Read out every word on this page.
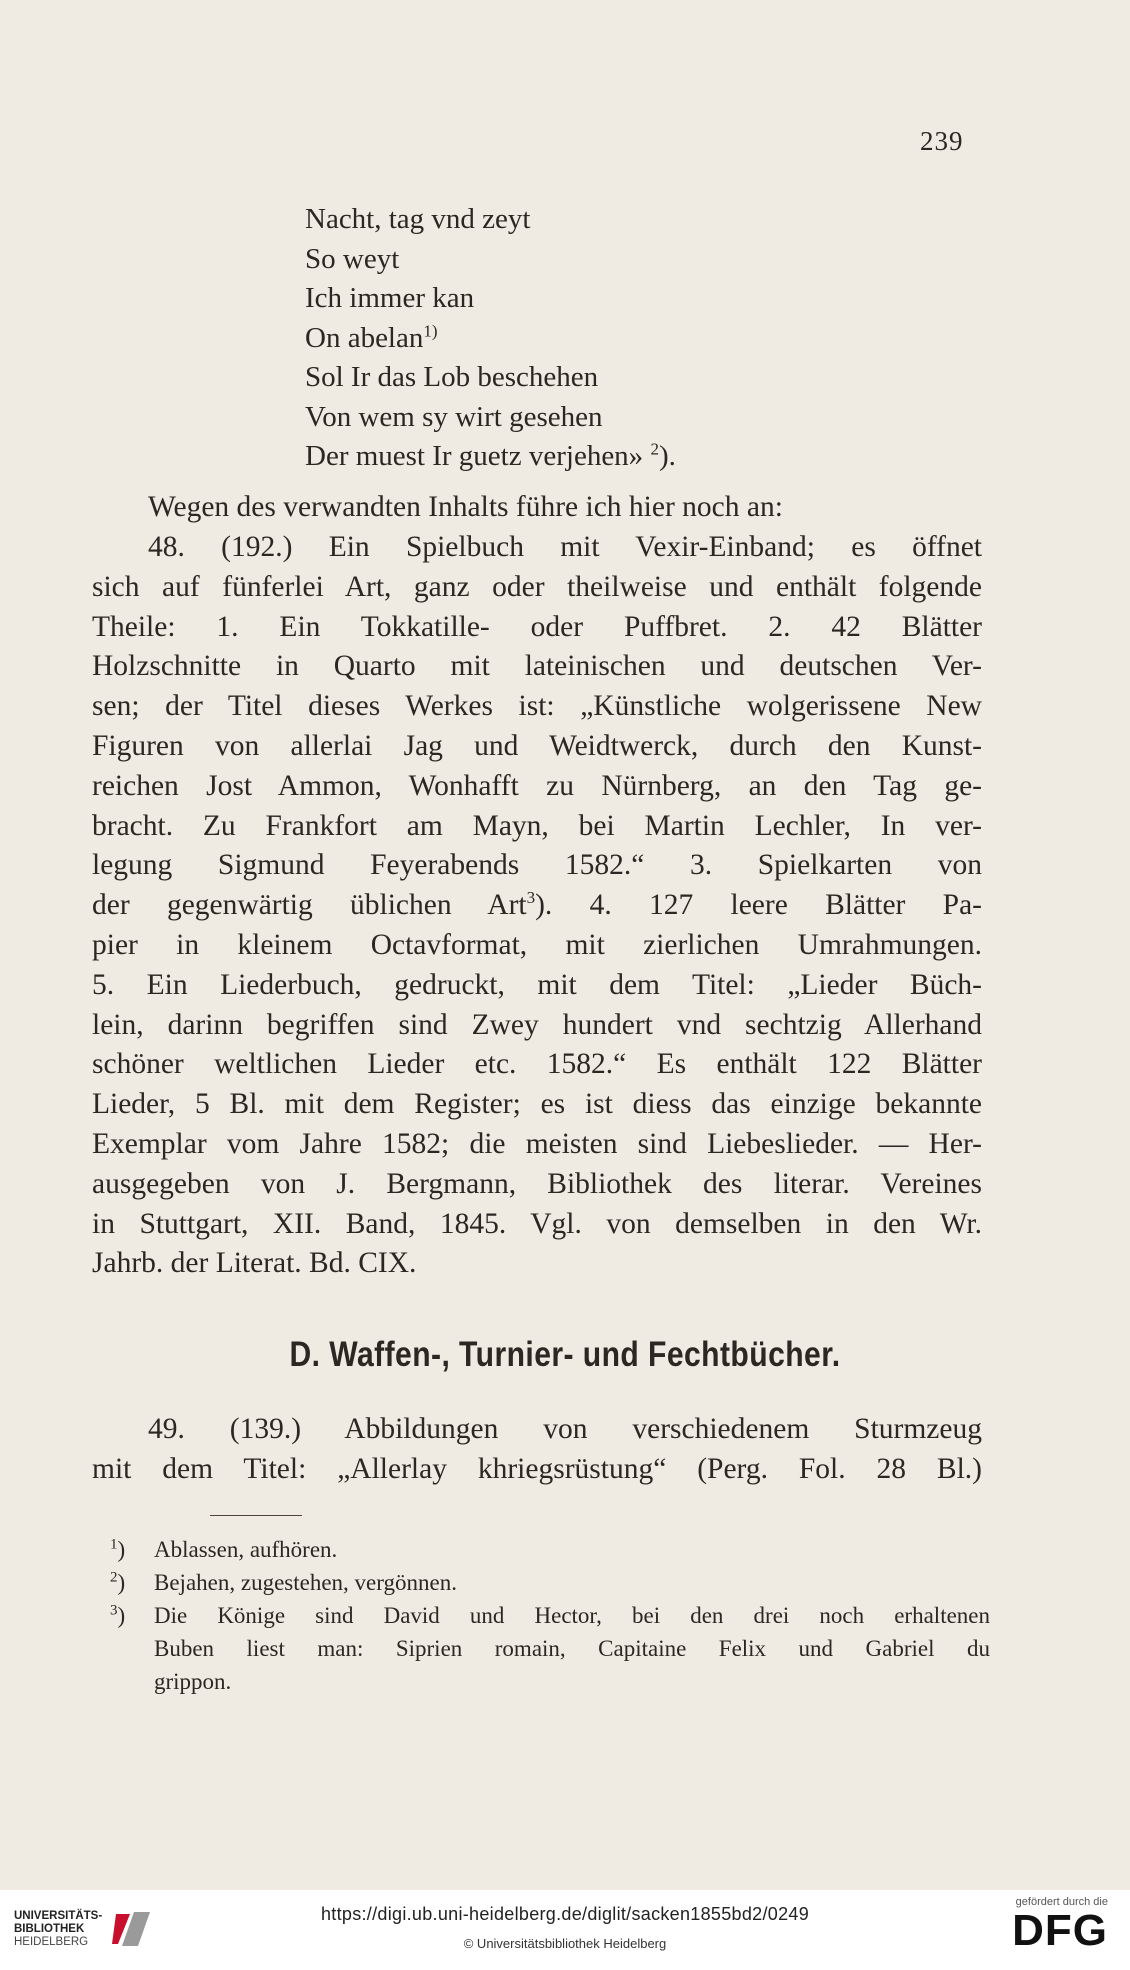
239
Nacht, tag vnd zeyt
So weyt
Ich immer kan
On abelan$^{1)}$
Sol Ir das Lob beschehen
Von wem sy wirt gesehen
Der muest Ir guetz verjehen» $^2$).
Wegen des verwandten Inhalts führe ich hier noch an:
48. (192.) Ein Spielbuch mit Vexir-Einband; es öffnet
sich auf fünferlei Art, ganz oder theilweise und enthält folgende
Theile: 1. Ein Tokkatille- oder Puffbret. 2. 42 Blätter
Holzschnitte in Quarto mit lateinischen und deutschen Ver-
sen; der Titel dieses Werkes ist: „Künstliche wolgerissene New
Figuren von allerlai Jag und Weidtwerck, durch den Kunst-
reichen Jost Ammon, Wonhafft zu Nürnberg, an den Tag ge-
bracht. Zu Frankfort am Mayn, bei Martin Lechler, In ver-
legung Sigmund Feyerabends 1582.“ 3. Spielkarten von
der gegenwärtig üblichen Art$^3$). 4. 127 leere Blätter Pa-
pier in kleinem Octavformat, mit zierlichen Umrahmungen.
5. Ein Liederbuch, gedruckt, mit dem Titel: „Lieder Büch-
lein, darinn begriffen sind Zwey hundert vnd sechtzig Allerhand
schöner weltlichen Lieder etc. 1582.“ Es enthält 122 Blätter
Lieder, 5 Bl. mit dem Register; es ist diess das einzige bekannte
Exemplar vom Jahre 1582; die meisten sind Liebeslieder. — Her-
ausgegeben von J. Bergmann, Bibliothek des literar. Vereines
in Stuttgart, XII. Band, 1845. Vgl. von demselben in den Wr.
Jahrb. der Literat. Bd. CIX.
D. Waffen-, Turnier- und Fechtbücher.
49. (139.) Abbildungen von verschiedenem Sturmzeug
mit dem Titel: „Allerlay khriegsrüstung“ (Perg. Fol. 28 Bl.)
$^1$)	Ablassen, aufhören.
$^2$)	Bejahen, zugestehen, vergönnen.
$^3$)	Die Könige sind David und Hector, bei den drei noch erhaltenen
Buben liest man: Siprien romain, Capitaine Felix und Gabriel du
grippon.
UNIVERSITÄTS-
BIBLIOTHEK
HEIDELBERG
https://digi.ub.uni-heidelberg.de/diglit/sacken1855bd2/0249
© Universitätsbibliothek Heidelberg
gefördert durch die
DFG
